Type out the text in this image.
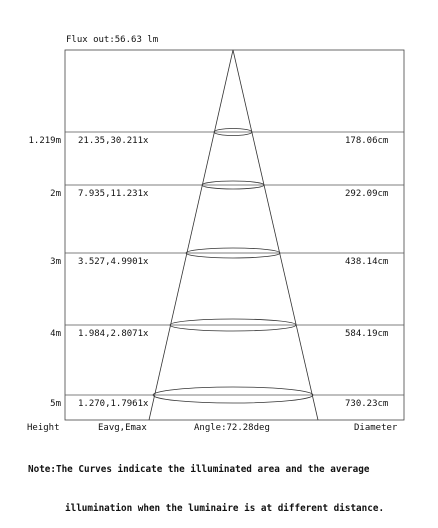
Flux out:56.63 lm
1.219m 21.35,30.211x	178.06cm
2m 7.935,11.231x	292.09cm
3m 3.527,4.9901x	438.14cm
4m 1.984,2.8071x	584.19cm
5m 1.270,1.7961x	730.23cm
Height	Eavg,Emax	Angle:72.28deg	Diameter

Note:The Curves indicate the illuminated area and the average

illumination when the luminaire is at different distance.
